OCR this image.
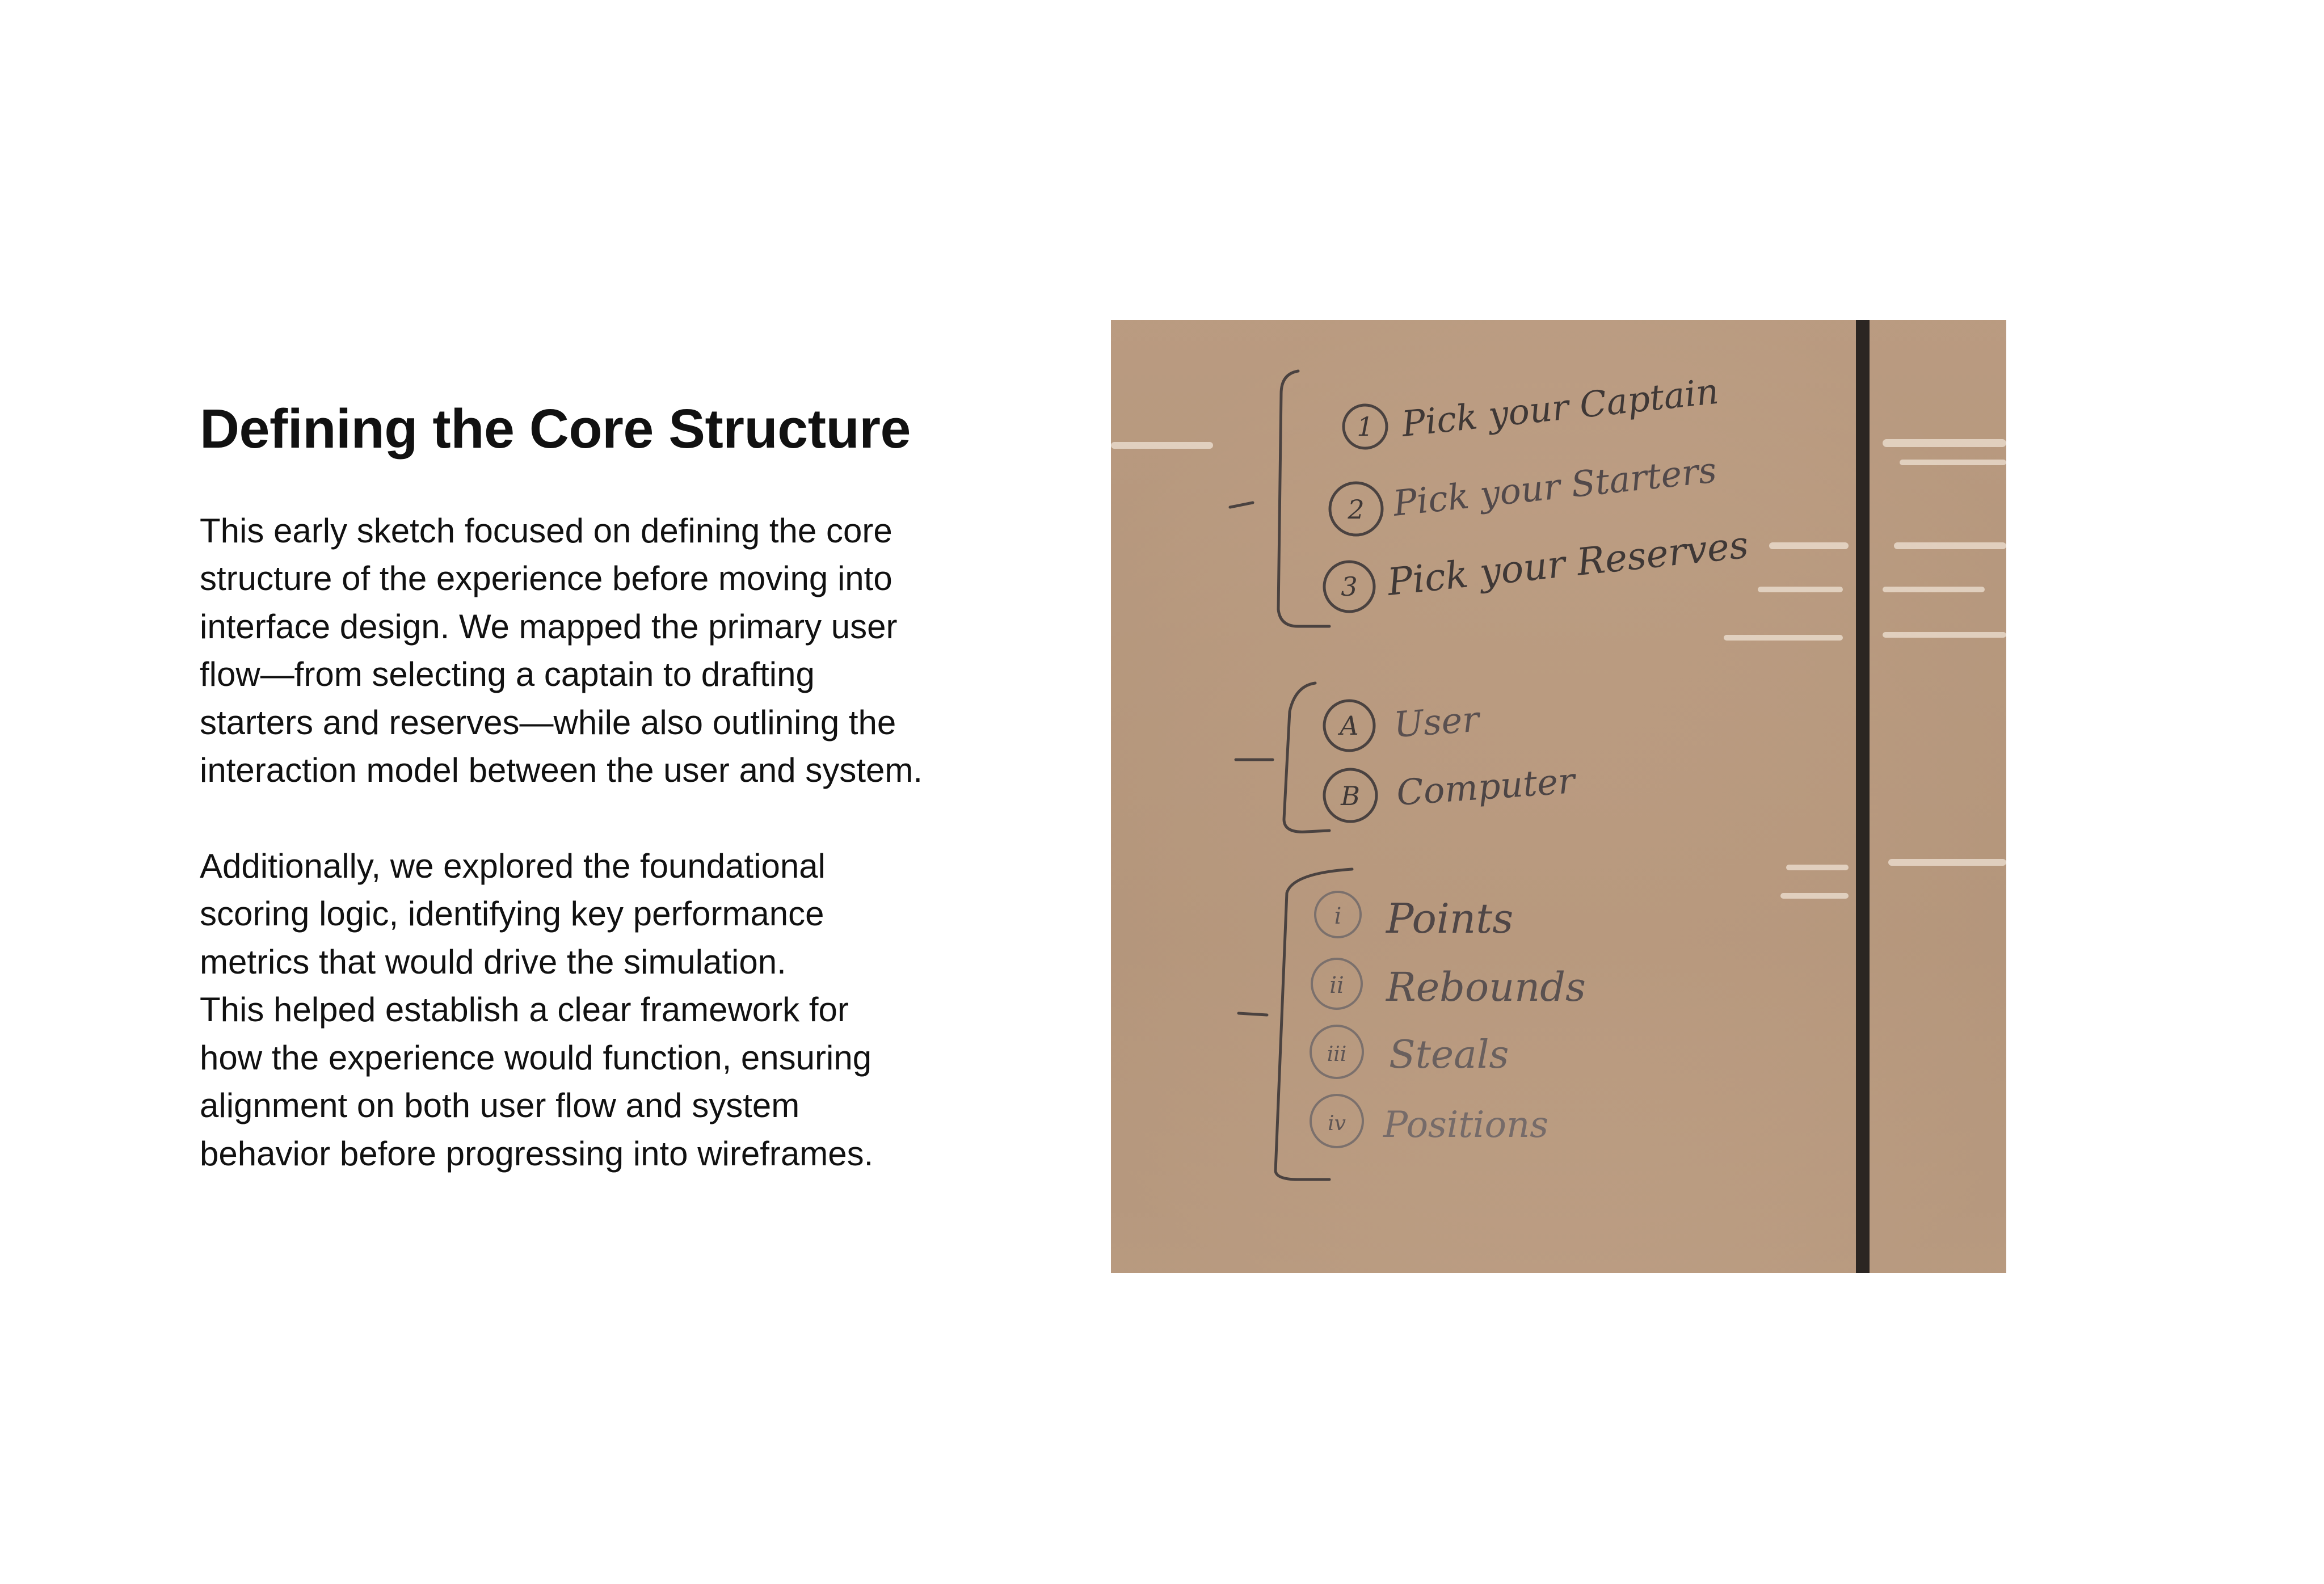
Defining the Core Structure

This early sketch focused on defining the core
structure of the experience before moving into
interface design. We mapped the primary user
flow—from selecting a captain to drafting
starters and reserves—while also outlining the
interaction model between the user and system.

Additionally, we explored the foundational
scoring logic, identifying key performance
metrics that would drive the simulation.
This helped establish a clear framework for
how the experience would function, ensuring
alignment on both user flow and system
behavior before progressing into wireframes.

1
2
3
Pick your Captain
Pick your Starters
Pick your Reserves
A
B
User
Computer
i
ii
iii
iv
Points
Rebounds
Steals
Positions
